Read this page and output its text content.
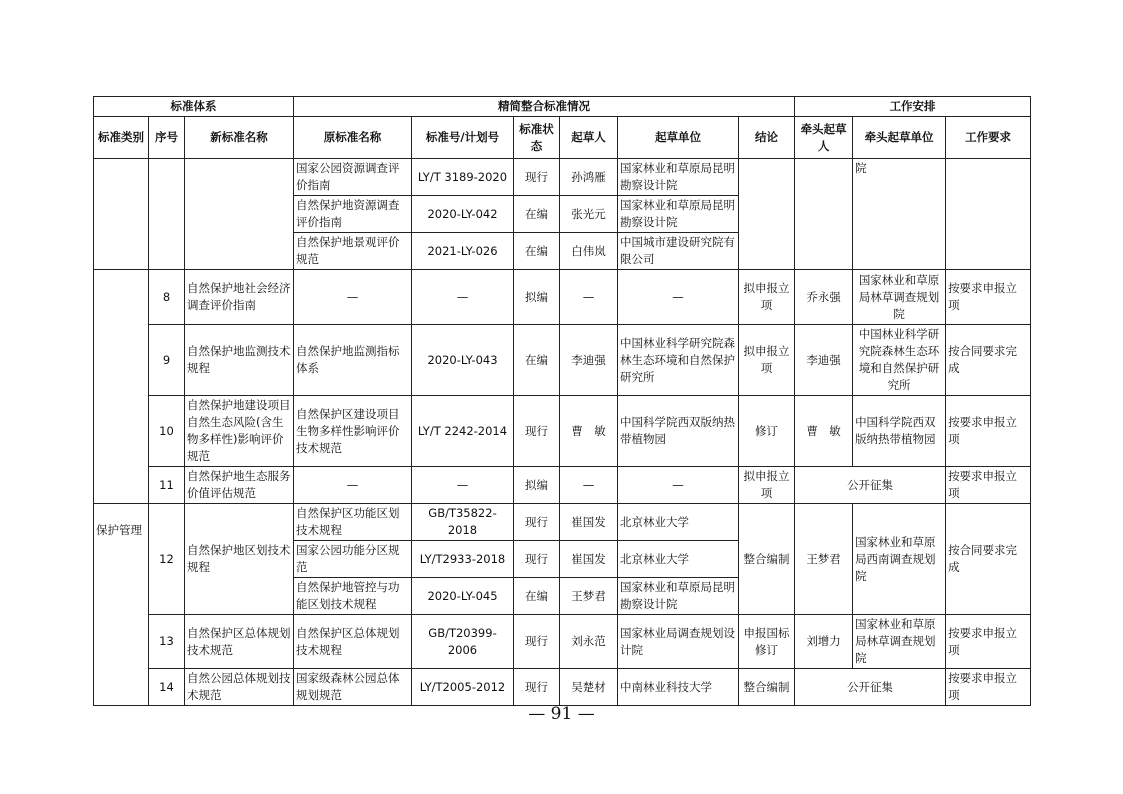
标准体系			精简整合标准情况						工作安排		
标准类别	序号	新标准名称	原标准名称	标准号/计划号	标准状态	起草人	起草单位	结论	牵头起草人	牵头起草单位	工作要求
			国家公园资源调查评价指南	LY/T 3189-2020	现行	孙鸿雁	国家林业和草原局昆明勘察设计院			院	
			自然保护地资源调查评价指南	2020-LY-042	在编	张光元	国家林业和草原局昆明勘察设计院				
			自然保护地景观评价规范	2021-LY-026	在编	白伟岚	中国城市建设研究院有限公司				
	8	自然保护地社会经济调查评价指南	—	—	拟编	—	—	拟申报立项	乔永强	国家林业和草原局林草调查规划院	按要求申报立项
	9	自然保护地监测技术规程	自然保护地监测指标体系	2020-LY-043	在编	李迪强	中国林业科学研究院森林生态环境和自然保护研究所	拟申报立项	李迪强	中国林业科学研究院森林生态环境和自然保护研究所	按合同要求完成
	10	自然保护地建设项目自然生态风险(含生物多样性)影响评价规范	自然保护区建设项目生物多样性影响评价技术规范	LY/T 2242-2014	现行	曹　敏	中国科学院西双版纳热带植物园	修订	曹　敏	中国科学院西双版纳热带植物园	按要求申报立项
	11	自然保护地生态服务价值评估规范	—	—	拟编	—	—	拟申报立项	公开征集		按要求申报立项
保护管理	12	自然保护地区划技术规程	自然保护区功能区划技术规程	GB/T35822-2018	现行	崔国发	北京林业大学	整合编制	王梦君	国家林业和草原局西南调查规划院	按合同要求完成
			国家公园功能分区规范	LY/T2933-2018	现行	崔国发	北京林业大学				
			自然保护地管控与功能区划技术规程	2020-LY-045	在编	王梦君	国家林业和草原局昆明勘察设计院				
	13	自然保护区总体规划技术规范	自然保护区总体规划技术规程	GB/T20399-2006	现行	刘永范	国家林业局调查规划设计院	申报国标修订	刘增力	国家林业和草原局林草调查规划院	按要求申报立项
	14	自然公园总体规划技术规范	国家级森林公园总体规划规范	LY/T2005-2012	现行	吴楚材	中南林业科技大学	整合编制	公开征集		按要求申报立项
— 91 —
